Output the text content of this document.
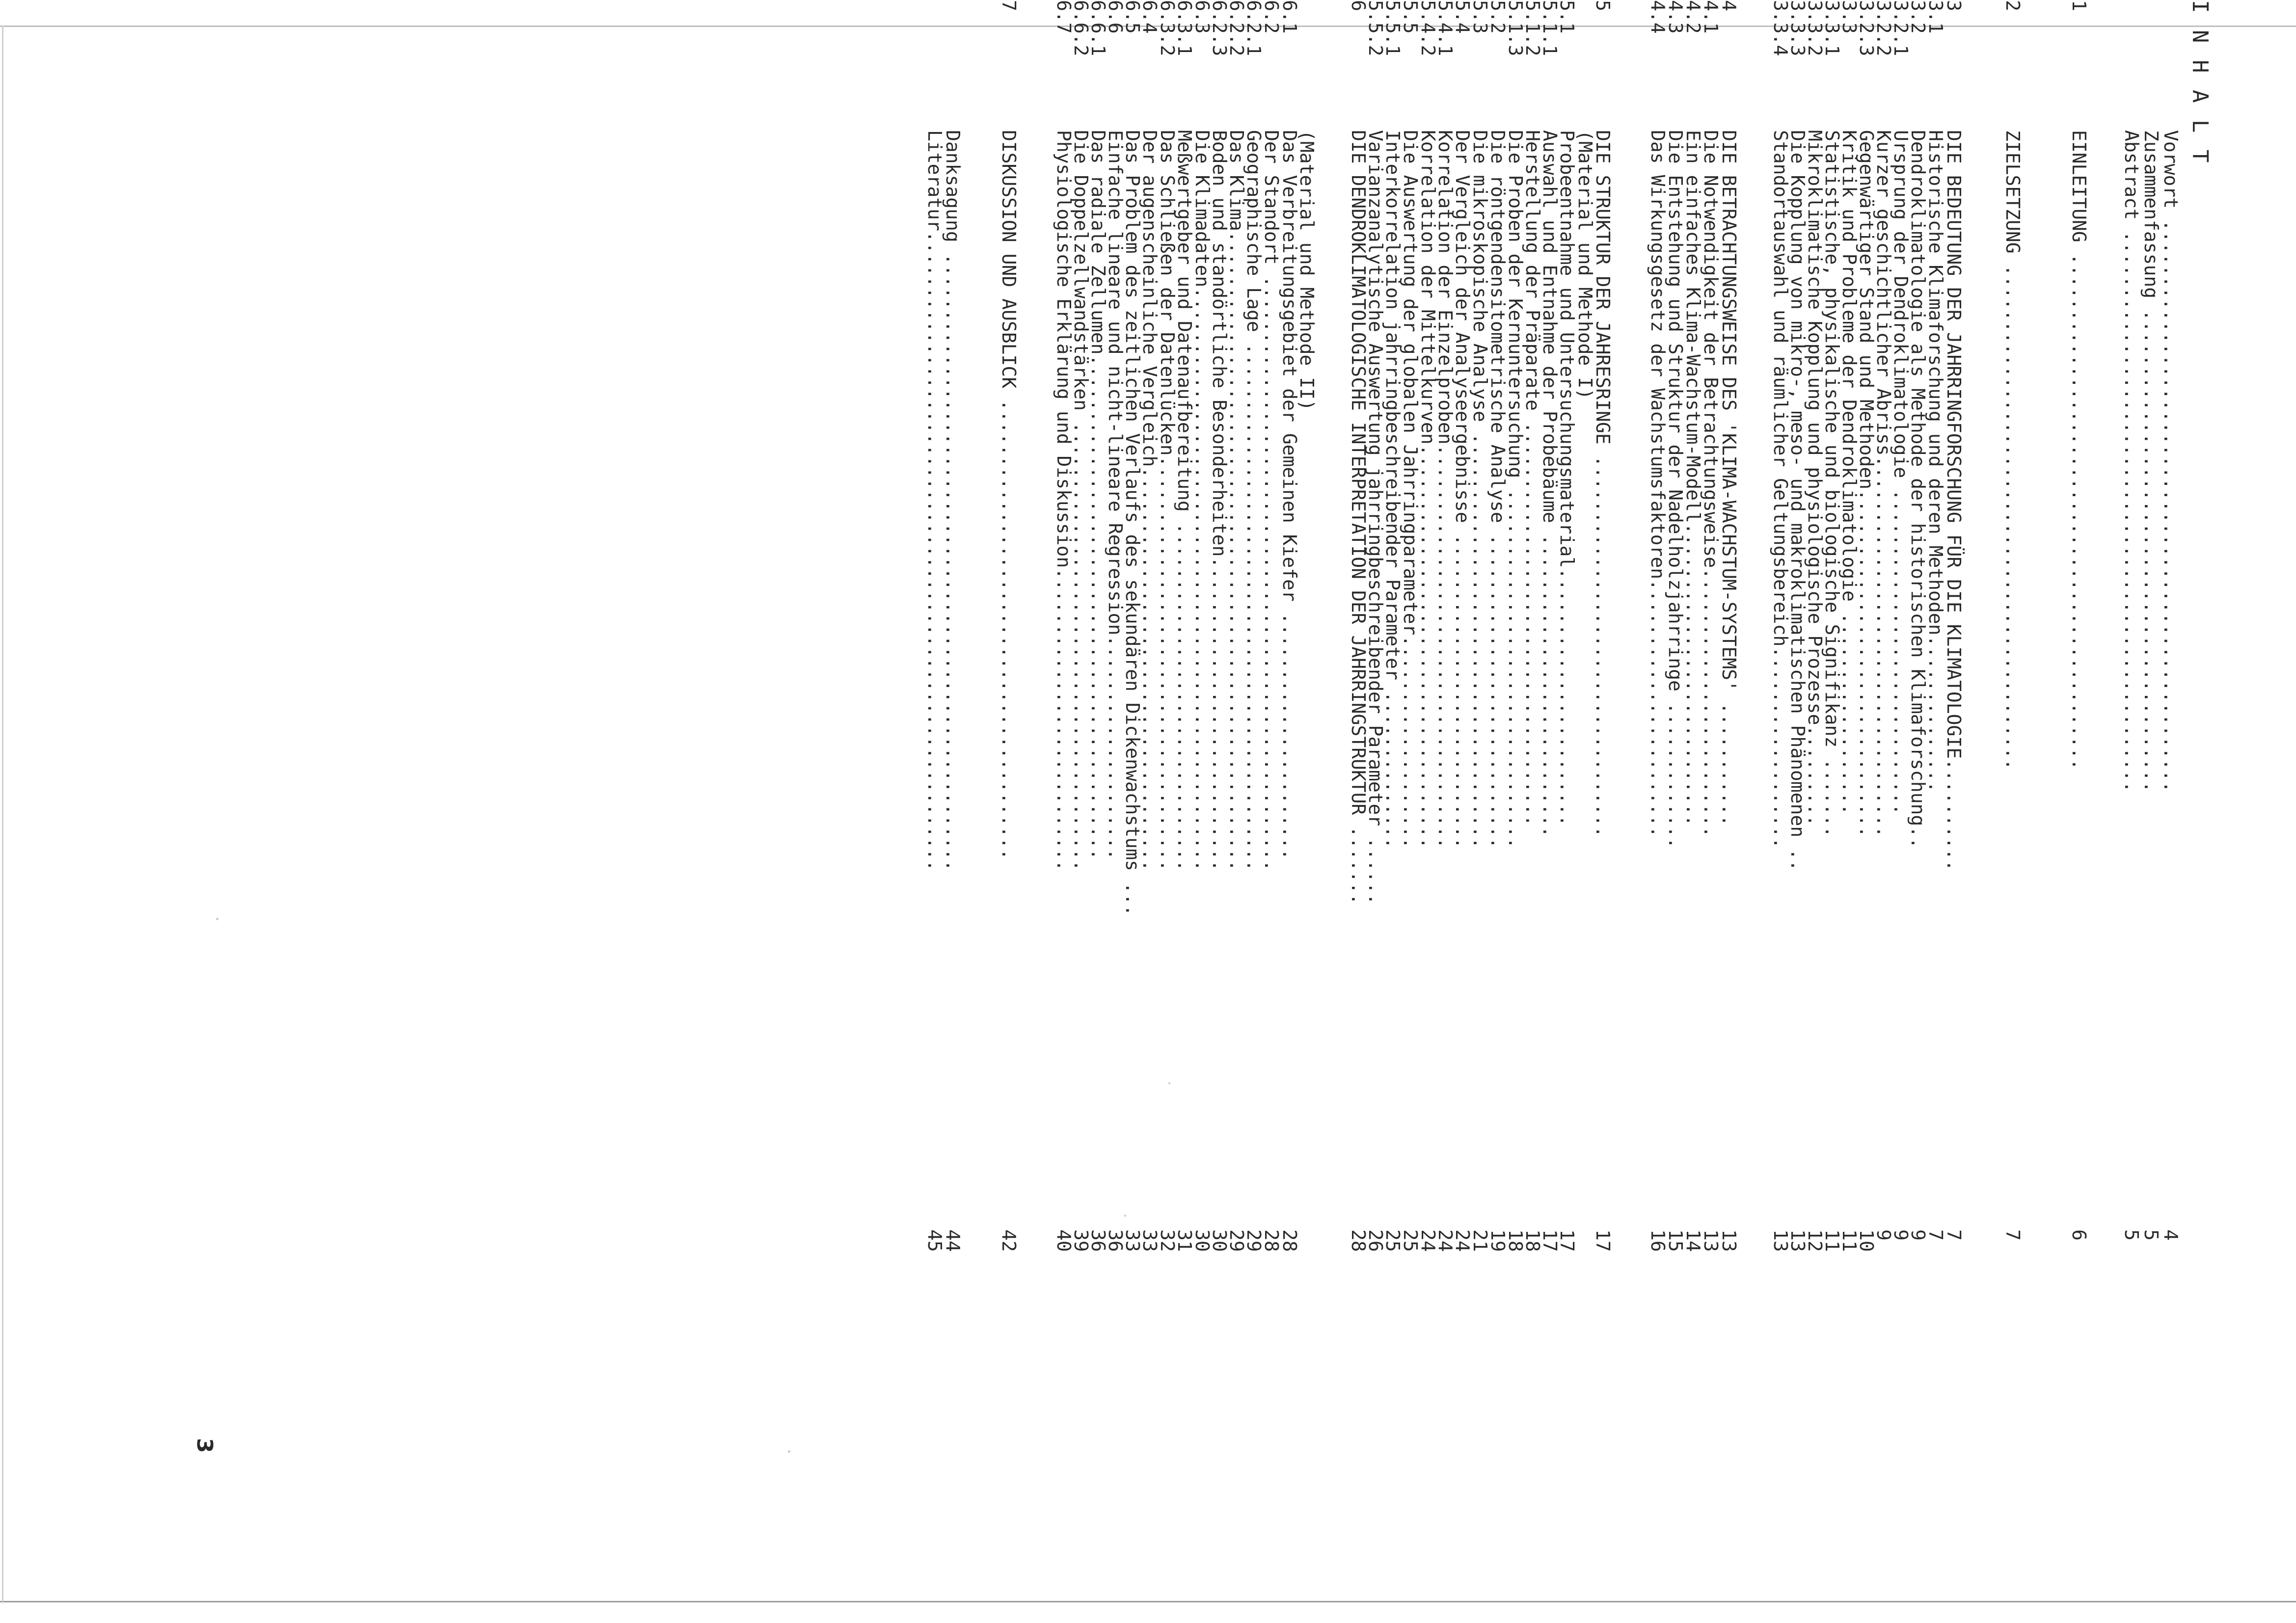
I N H A L T
Vorwort ...................................................
4
Zusammenfassung ...........................................
5
Abstract ..................................................
5
1
EINLEITUNG ..............................................
6
2
ZIELSETZUNG .............................................
7
3
DIE BEDEUTUNG DER JAHRRINGFORSCHUNG FÜR DIE KLIMATOLOGIE..........
7
3.1
Historische Klimaforschung und deren Methoden..............
7
3.2
Dendroklimatologie als Methode der historischen Klimaforschung..
9
3.2.1
Ursprung der Dendroklimatologie .............................
9
3.2.2
Kurzer geschichtlicher Abriss..................................
9
3.2.3
Gegenwärtiger Stand und Methoden...............................
10
3.3
Kritik und Probleme der Dendroklimatologie ..................
11
3.3.1
Statistische, physikalische und biologische Signifikanz .......
11
3.3.2
Mikroklimatische Kopplung und physiologische Prozesse.........
12
3.3.3
Die Kopplung von mikro-, meso- und makroklimatischen Phänomenen ..
13
3.3.4
Standortauswahl und räumlicher Geltungsbereich..................
13
4
DIE BETRACHTUNGSWEISE DES 'KLIMA-WACHSTUM-SYSTEMS' ...........
13
4.1
Die Notwendigkeit der Betrachtungsweise........................
13
4.2
Ein einfaches Klima-Wachstum-Modell...........................
14
4.3
Die Entstehung und Struktur der Nadelholzjahrringe .............
15
4.4
Das Wirkungsgesetz der Wachstumsfaktoren.......................
16
5
DIE STRUKTUR DER JAHRESRINGE ..................................
17
(Material und Methode I)
5.1
Probeentnahme und Untersuchungsmaterial.......................
17
5.1.1
Auswahl und Entnahme der Probebäume ...........................
17
5.1.2
Herstellung der Präparate ....................................
18
5.1.3
Die Proben der Kernuntersuchung ................................
18
5.2
Die röntgendensitometrische Analyse ............................
19
5.3
Die mikroskopische Analyse .....................................
21
5.4
Der Vergleich der Analyseergebnisse ............................
24
5.4.1
Korrelation der Einzelproben....................................
24
5.4.2
Korrelation der Mittelkurven....................................
24
5.5
Die Auswertung der globalen Jahrringparameter...................
25
5.5.1
Interkorrelation jahrringbeschreibender Parameter ..............
25
5.5.2
Varianzanalytische Auswertung jahrringbeschreibender Parameter ......
26
6
DIE DENDROKLIMATOLOGISCHE INTERPRETATION DER JAHRRINGSTRUKTUR .......
28
(Material und Methode II)
6.1
Das Verbreitungsgebiet der Gemeinen Kiefer ......................
28
6.2
Der Standort .....................................................
28
6.2.1
Geographische Lage ...............................................
29
6.2.2
Das Klima.........................................................
29
6.2.3
Boden und standörtliche Besonderheiten............................
30
6.3
Die Klimadaten....................................................
30
6.3.1
Meßwertgeber und Datenaufbereitung ...............................
31
6.3.2
Das Schließen der Datenlücken.....................................
32
6.4
Der augenscheinliche Vergleich....................................
33
6.5
Das Problem des zeitlichen Verlaufs des sekundären Dickenwachstums ...
33
6.6
Einfache lineare und nicht-lineare Regression....................
36
6.6.1
Das radiale Zellumen.............................................
36
6.6.2
Die Doppelzellwandstärken ........................................
39
6.7
Physiologische Erklärung und Diskussion...........................
40
7
DISKUSSION UND AUSBLICK .........................................
42
Danksagung .......................................................
44
Literatur.........................................................
45
3
